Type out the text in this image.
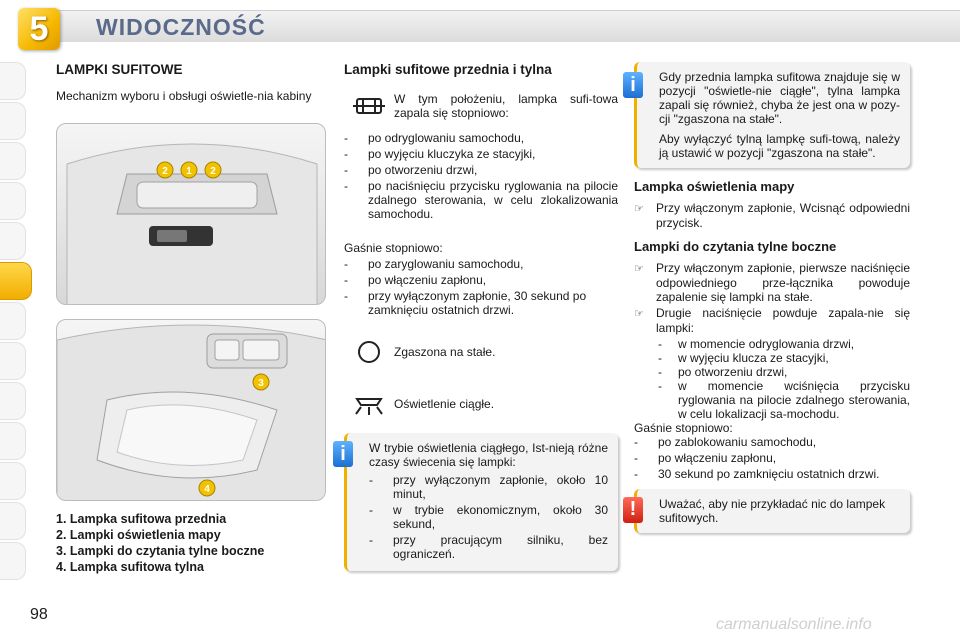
5	WIDOCZNOŚĆ
LAMPKI SUFITOWE

Mechanizm wyboru i obsługi oświetle-nia kabiny

2 1 2
3
4
1. Lampka sufitowa przednia
2. Lampki oświetlenia mapy
3. Lampki do czytania tylne boczne
4. Lampka sufitowa tylna
Lampki sufitowe przednia i tylna
W tym położeniu, lampka sufi-towa zapala się stopniowo:
- po odryglowaniu samochodu,
- po wyjęciu kluczyka ze stacyjki,
- po otworzeniu drzwi,
- po naciśnięciu przycisku ryglowania na pilocie zdalnego sterowania, w celu zlokalizowania samochodu.

Gaśnie stopniowo:

- po zaryglowaniu samochodu,
- po włączeniu zapłonu,
- przy wyłączonym zapłonie, 30 sekund po zamknięciu ostatnich drzwi.
Zgaszona na stałe.
Oświetlenie ciągłe.
i	W trybie oświetlenia ciągłego, Ist-nieją różne czasy świecenia się lampki:

- przy wyłączonym zapłonie, około 10 minut,
- w trybie ekonomicznym, około 30 sekund,
- przy pracującym silniku, bez ograniczeń.
i	Gdy przednia lampka sufitowa znajduje się w pozycji "oświetle-nie ciągłe", tylna lampka zapali się również, chyba że jest ona w pozy-cji "zgaszona na stałe".

Aby wyłączyć tylną lampkę sufi-tową, należy ją ustawić w pozycji "zgaszona na stałe".

Lampka oświetlenia mapy
☞ Przy włączonym zapłonie, Wcisnąć odpowiedni przycisk.
Lampki do czytania tylne boczne
☞ Przy włączonym zapłonie, pierwsze naciśnięcie odpowiedniego prze-łącznika powoduje zapalenie się lampki na stałe.
☞ Drugie naciśnięcie powduje zapala-nie się lampki:
- w momencie odryglowania drzwi,
- w wyjęciu klucza ze stacyjki,
- po otworzeniu drzwi,
- w momencie wciśnięcia przycisku ryglowania na pilocie zdalnego sterowania, w celu lokalizacji sa-mochodu.

Gaśnie stopniowo:

- po zablokowaniu samochodu,
- po włączeniu zapłonu,
- 30 sekund po zamknięciu ostatnich drzwi.
!	Uważać, aby nie przykładać nic do lampek sufitowych.

98
carmanualsonline.info
